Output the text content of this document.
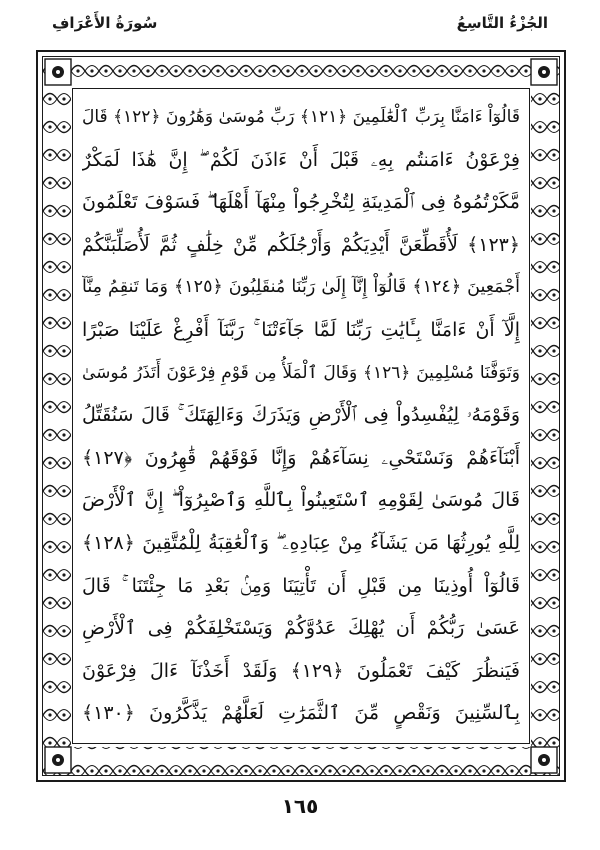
الجُزْءُ التَّاسِعُ
سُورَةُ الأَعْرَافِ
قَالُوٓاْ ءَامَنَّا بِرَبِّ ٱلْعَٰلَمِينَ ﴿١٢١﴾ رَبِّ مُوسَىٰ وَهَٰرُونَ ﴿١٢٢﴾ قَالَ
فِرْعَوْنُ ءَامَنتُم بِهِۦ قَبْلَ أَنْ ءَاذَنَ لَكُمْ ۖ إِنَّ هَٰذَا لَمَكْرٌ
مَّكَرْتُمُوهُ فِى ٱلْمَدِينَةِ لِتُخْرِجُواْ مِنْهَآ أَهْلَهَا ۖ فَسَوْفَ تَعْلَمُونَ
﴿١٢٣﴾ لَأُقَطِّعَنَّ أَيْدِيَكُمْ وَأَرْجُلَكُم مِّنْ خِلَٰفٍ ثُمَّ لَأُصَلِّبَنَّكُمْ
أَجْمَعِينَ ﴿١٢٤﴾ قَالُوٓاْ إِنَّآ إِلَىٰ رَبِّنَا مُنقَلِبُونَ ﴿١٢٥﴾ وَمَا تَنقِمُ مِنَّآ
إِلَّآ أَنْ ءَامَنَّا بِـَٔايَٰتِ رَبِّنَا لَمَّا جَآءَتْنَا ۚ رَبَّنَآ أَفْرِغْ عَلَيْنَا صَبْرًا
وَتَوَفَّنَا مُسْلِمِينَ ﴿١٢٦﴾ وَقَالَ ٱلْمَلَأُ مِن قَوْمِ فِرْعَوْنَ أَتَذَرُ مُوسَىٰ
وَقَوْمَهُۥ لِيُفْسِدُواْ فِى ٱلْأَرْضِ وَيَذَرَكَ وَءَالِهَتَكَ ۚ قَالَ سَنُقَتِّلُ
أَبْنَآءَهُمْ وَنَسْتَحْىِۦ نِسَآءَهُمْ وَإِنَّا فَوْقَهُمْ قَٰهِرُونَ ﴿١٢٧﴾
قَالَ مُوسَىٰ لِقَوْمِهِ ٱسْتَعِينُواْ بِٱللَّهِ وَٱصْبِرُوٓاْ ۖ إِنَّ ٱلْأَرْضَ
لِلَّهِ يُورِثُهَا مَن يَشَآءُ مِنْ عِبَادِهِۦ ۖ وَٱلْعَٰقِبَةُ لِلْمُتَّقِينَ ﴿١٢٨﴾
قَالُوٓاْ أُوذِينَا مِن قَبْلِ أَن تَأْتِيَنَا وَمِنۢ بَعْدِ مَا جِئْتَنَا ۚ قَالَ
عَسَىٰ رَبُّكُمْ أَن يُهْلِكَ عَدُوَّكُمْ وَيَسْتَخْلِفَكُمْ فِى ٱلْأَرْضِ
فَيَنظُرَ كَيْفَ تَعْمَلُونَ ﴿١٢٩﴾ وَلَقَدْ أَخَذْنَآ ءَالَ فِرْعَوْنَ
بِٱلسِّنِينَ وَنَقْصٍ مِّنَ ٱلثَّمَرَٰتِ لَعَلَّهُمْ يَذَّكَّرُونَ ﴿١٣٠﴾
١٦٥
